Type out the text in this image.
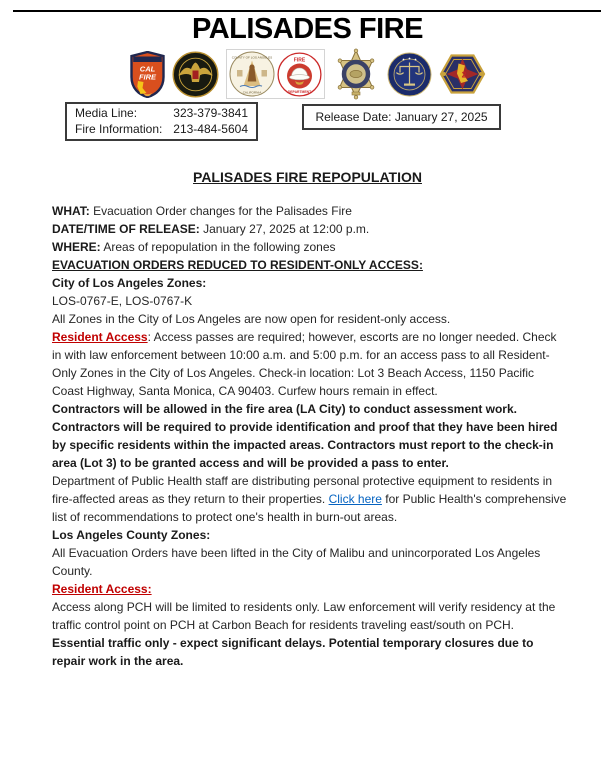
PALISADES FIRE
CAL
FIRE
COUNTY OF LOS ANGELES
CALIFORNIA
FIRE
DEPARTMENT
2
Media Line:	323-379-3841
Fire Information: 213-484-5604
Release Date: January 27, 2025
PALISADES FIRE REPOPULATION
WHAT: Evacuation Order changes for the Palisades Fire
DATE/TIME OF RELEASE: January 27, 2025 at 12:00 p.m.
WHERE: Areas of repopulation in the following zones
EVACUATION ORDERS REDUCED TO RESIDENT-ONLY ACCESS:
City of Los Angeles Zones:
LOS-0767-E, LOS-0767-K
All Zones in the City of Los Angeles are now open for resident-only access.

Resident Access: Access passes are required; however, escorts are no longer needed. Check in with law enforcement between 10:00 a.m. and 5:00 p.m. for an access pass to all Resident-Only Zones in the City of Los Angeles. Check-in location: Lot 3 Beach Access, 1150 Pacific Coast Highway, Santa Monica, CA 90403. Curfew hours remain in effect.

Contractors will be allowed in the fire area (LA City) to conduct assessment work. Contractors will be required to provide identification and proof that they have been hired by specific residents within the impacted areas. Contractors must report to the check-in area (Lot 3) to be granted access and will be provided a pass to enter.

Department of Public Health staff are distributing personal protective equipment to residents in fire-affected areas as they return to their properties. Click here for Public Health's comprehensive list of recommendations to protect one's health in burn-out areas.

Los Angeles County Zones:
All Evacuation Orders have been lifted in the City of Malibu and unincorporated Los Angeles County.
Resident Access:
Access along PCH will be limited to residents only. Law enforcement will verify residency at the traffic control point on PCH at Carbon Beach for residents traveling east/south on PCH. Essential traffic only - expect significant delays. Potential temporary closures due to repair work in the area.
